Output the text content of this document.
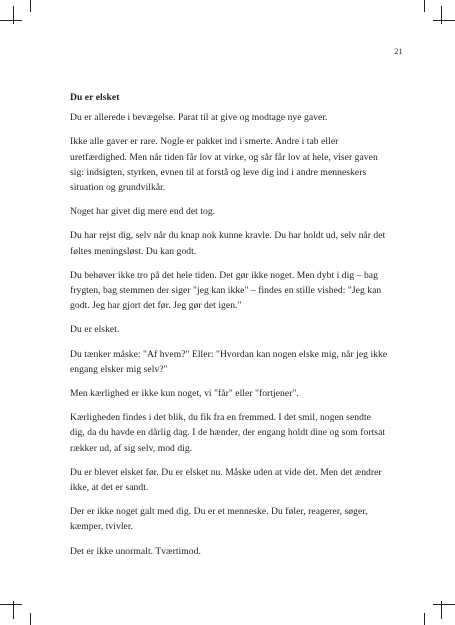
21
Du er elsket

Du er allerede i bevægelse. Parat til at give og modtage nye gaver.

Ikke alle gaver er rare. Nogle er pakket ind i smerte. Andre i tab eller uretfærdighed. Men når tiden får lov at virke, og sår får lov at hele, viser gaven sig: indsigten, styrken, evnen til at forstå og leve dig ind i andre menneskers situation og grundvilkår.

Noget har givet dig mere end det tog.

Du har rejst dig, selv når du knap nok kunne kravle. Du har holdt ud, selv når det føltes meningsløst. Du kan godt.

Du behøver ikke tro på det hele tiden. Det gør ikke noget. Men dybt i dig – bag frygten, bag stemmen der siger "jeg kan ikke" – findes en stille vished: "Jeg kan godt. Jeg har gjort det før. Jeg gør det igen."

Du er elsket.

Du tænker måske: "Af hvem?" Eller: "Hvordan kan nogen elske mig, når jeg ikke engang elsker mig selv?"

Men kærlighed er ikke kun noget, vi "får" eller "fortjener".

Kærligheden findes i det blik, du fik fra en fremmed. I det smil, nogen sendte dig, da du havde en dårlig dag. I de hænder, der engang holdt dine og som fortsat rækker ud, af sig selv, mod dig.

Du er blevet elsket før. Du er elsket nu. Måske uden at vide det. Men det ændrer ikke, at det er sandt.

Der er ikke noget galt med dig. Du er et menneske. Du føler, reagerer, søger, kæmper, tvivler.

Det er ikke unormalt. Tværtimod.
